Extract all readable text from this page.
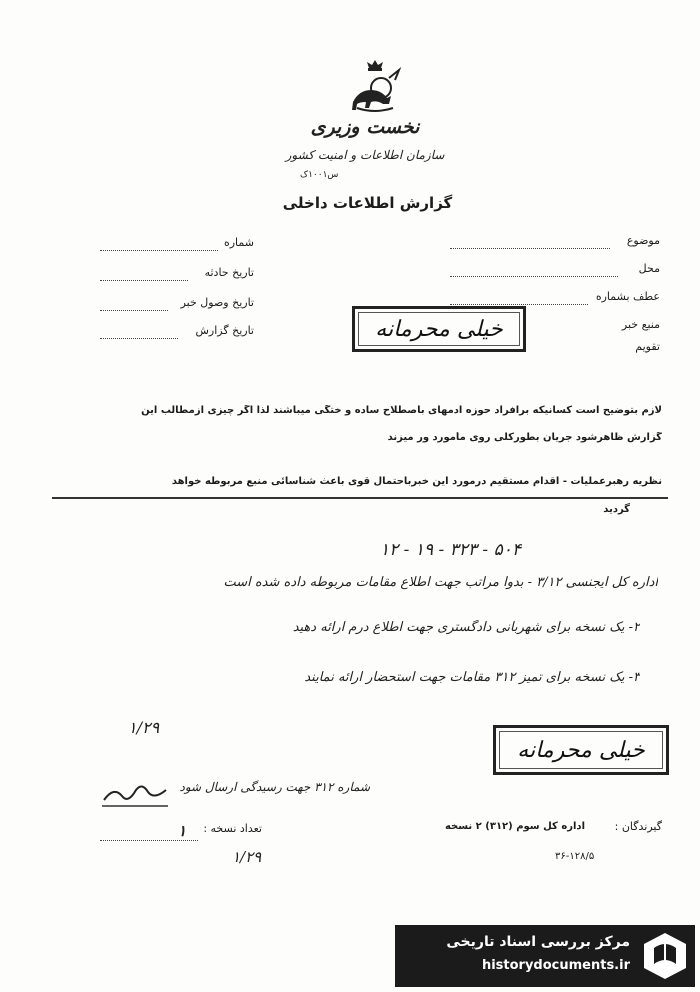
نخست وزیری
سازمان اطلاعات و امنیت کشور
س۱۰۰۱ک
گزارش اطلاعات داخلی
شماره
تاریخ حادثه
تاریخ وصول خبر
تاریخ گزارش
موضوع
محل
عطف بشماره
منبع خبر
تقویم
خیلی محرمانه
لازم بتوضیح است کسانیکه برافراد حوزه آدمهای باصطلاح ساده و ختگی میباشند لذا اگر چیزی ازمطالب این
گزارش ظاهرشود جریان بطورکلی روی مأمورد ور میزند
نظریه رهبرعملیات - اقدام مستقیم درمورد این خبرباحتمال قوی باعث شناسائی منبع مربوطه خواهد
گردید
۱۲ - ۱۹ - ۳۲۳ - ۵۰۴
اداره کل ایجنسی ۳/۱۲ - بدوا مراتب جهت اطلاع مقامات مربوطه داده شده است
۲- یک نسخه برای شهربانی دادگستری جهت اطلاع درم ارائه دهید
۳- یک نسخه برای تمیز ۳۱۲ مقامات جهت استحضار ارائه نمایند
۱/۲۹
خیلی محرمانه
شماره ۳۱۲ جهت رسیدگی ارسال شود
تعداد نسخه :
۱
۱/۲۹
گیرندگان :
اداره کل سوم (۳۱۲) ۲ نسخه
۳۶-۱۲۸/۵
مرکز بررسی اسناد تاریخی
historydocuments.ir
